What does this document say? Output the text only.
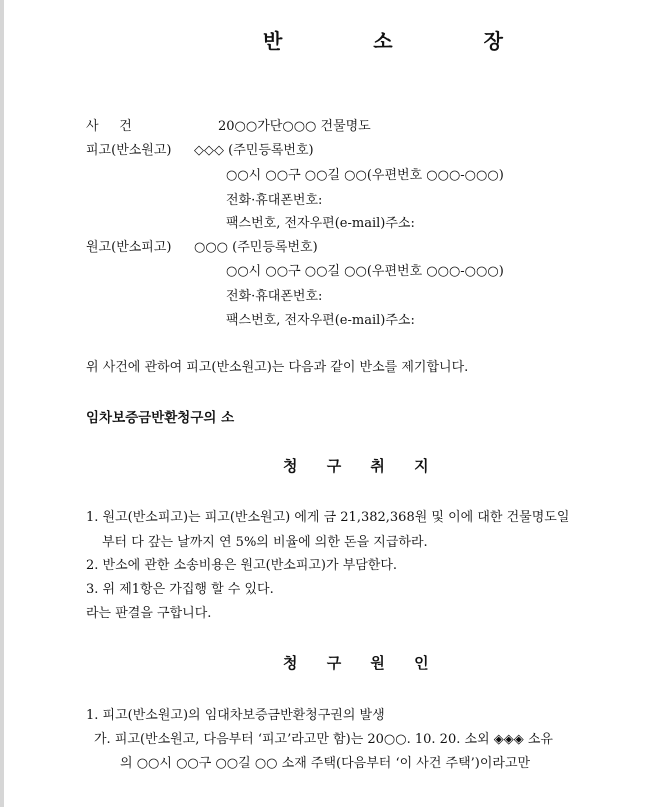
반 소 장
사     건	20○○가단○○○ 건물명도
피고(반소원고) ◇◇◇ (주민등록번호)
○○시 ○○구 ○○길 ○○(우편번호 ○○○-○○○)
전화·휴대폰번호:
팩스번호, 전자우편(e-mail)주소:
원고(반소피고) ○○○ (주민등록번호)
○○시 ○○구 ○○길 ○○(우편번호 ○○○-○○○)
전화·휴대폰번호:
팩스번호, 전자우편(e-mail)주소:
위 사건에 관하여 피고(반소원고)는 다음과 같이 반소를 제기합니다.
임차보증금반환청구의 소
청 구 취 지
1. 원고(반소피고)는 피고(반소원고) 에게 금 21,382,368원 및 이에 대한 건물명도일
부터 다 갚는 날까지 연 5%의 비율에 의한 돈을 지급하라.
2. 반소에 관한 소송비용은 원고(반소피고)가 부담한다.
3. 위 제1항은 가집행 할 수 있다.
라는 판결을 구합니다.
청 구 원 인
1. 피고(반소원고)의 임대차보증금반환청구권의 발생
가. 피고(반소원고, 다음부터 ‘피고’라고만 함)는 20○○. 10. 20. 소외 ◈◈◈ 소유
의 ○○시 ○○구 ○○길 ○○ 소재 주택(다음부터 ‘이 사건 주택’)이라고만
